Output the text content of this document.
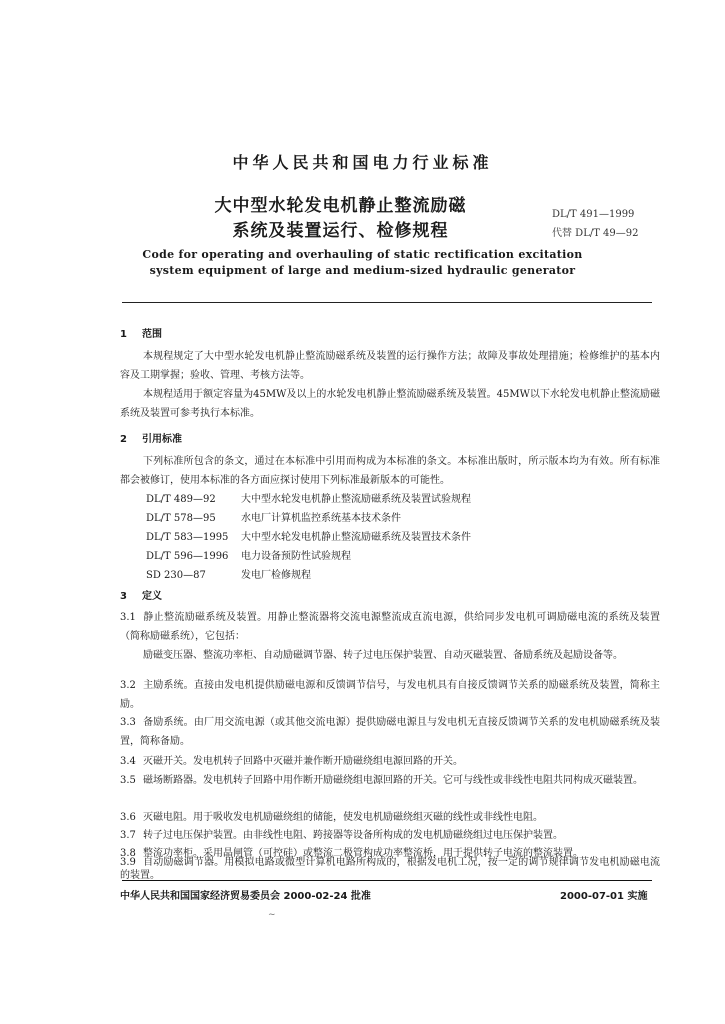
中华人民共和国电力行业标准
大中型水轮发电机静止整流励磁
系统及装置运行、检修规程
DL/T 491—1999
代替 DL/T 49—92
Code for operating and overhauling of static rectification excitation
system equipment of large and medium-sized hydraulic generator
1 范围
本规程规定了大中型水轮发电机静止整流励磁系统及装置的运行操作方法；故障及事故处理措施；检修维护的基本内容及工期掌握；验收、管理、考核方法等。
本规程适用于额定容量为45MW及以上的水轮发电机静止整流励磁系统及装置。45MW以下水轮发电机静止整流励磁系统及装置可参考执行本标准。
2 引用标准
下列标准所包含的条文，通过在本标准中引用而构成为本标准的条文。本标准出版时，所示版本均为有效。所有标准都会被修订，使用本标准的各方面应探讨使用下列标准最新版本的可能性。
DL/T 489—92	大中型水轮发电机静止整流励磁系统及装置试验规程
DL/T 578—95	水电厂计算机监控系统基本技术条件
DL/T 583—1995 大中型水轮发电机静止整流励磁系统及装置技术条件
DL/T 596—1996 电力设备预防性试验规程
SD 230—87	发电厂检修规程
3 定义
3.1 静止整流励磁系统及装置。用静止整流器将交流电源整流成直流电源，供给同步发电机可调励磁电流的系统及装置（简称励磁系统），它包括：
励磁变压器、整流功率柜、自动励磁调节器、转子过电压保护装置、自动灭磁装置、备励系统及起励设备等。
3.2 主励系统。直接由发电机提供励磁电源和反馈调节信号，与发电机具有自接反馈调节关系的励磁系统及装置，简称主励。
3.3 备励系统。由厂用交流电源（或其他交流电源）提供励磁电源且与发电机无直接反馈调节关系的发电机励磁系统及装置，简称备励。
3.4 灭磁开关。发电机转子回路中灭磁并兼作断开励磁绕组电源回路的开关。
3.5 磁场断路器。发电机转子回路中用作断开励磁绕组电源回路的开关。它可与线性或非线性电阻共同构成灭磁装置。
3.6 灭磁电阻。用于吸收发电机励磁绕组的储能，使发电机励磁绕组灭磁的线性或非线性电阻。
3.7 转子过电压保护装置。由非线性电阻、跨接器等设备所构成的发电机励磁绕组过电压保护装置。
3.8 整流功率柜。采用晶闸管（可控硅）或整流二极管构成功率整流桥，用于提供转子电流的整流装置。
3.9 自动励磁调节器。用模拟电路或微型计算机电路所构成的，根据发电机工况，按一定的调节规律调节发电机励磁电流的装置。
中华人民共和国国家经济贸易委员会 2000-02-24 批准	2000-07-01 实施
~
